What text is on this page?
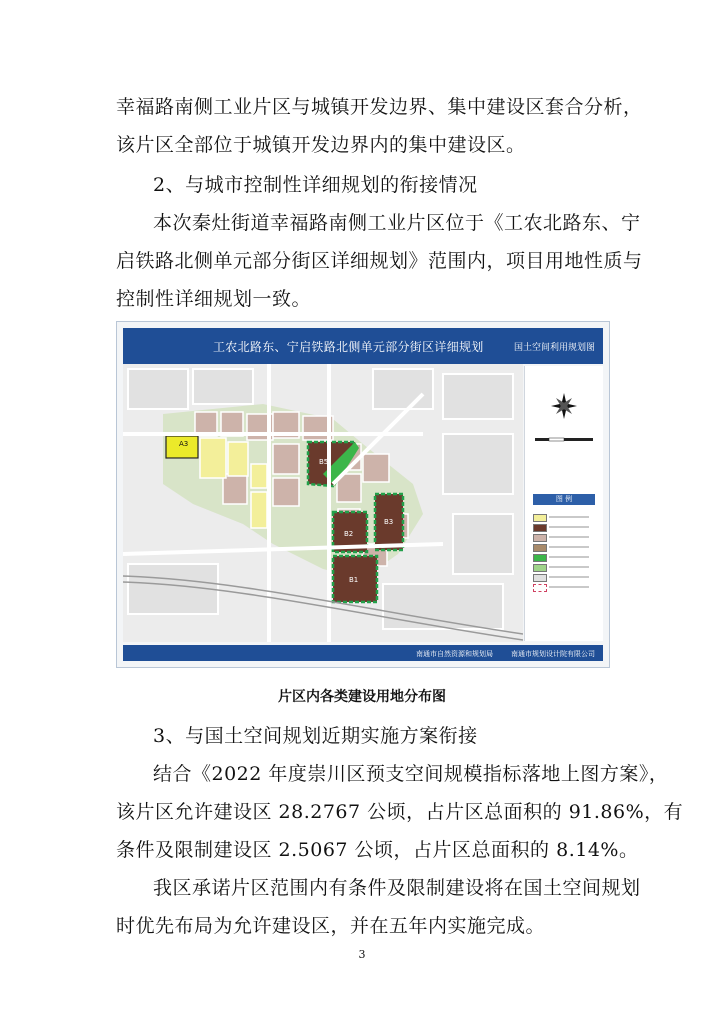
幸福路南侧工业片区与城镇开发边界、集中建设区套合分析，
该片区全部位于城镇开发边界内的集中建设区。
2、与城市控制性详细规划的衔接情况
本次秦灶街道幸福路南侧工业片区位于《工农北路东、宁
启铁路北侧单元部分街区详细规划》范围内，项目用地性质与
控制性详细规划一致。
工农北路东、宁启铁路北侧单元部分街区详细规划	国土空间利用规划图
A3
B5
B2
B3
B1
图 例
南通市自然资源和规划局	南通市规划设计院有限公司
片区内各类建设用地分布图
3、与国土空间规划近期实施方案衔接
结合《2022 年度崇川区预支空间规模指标落地上图方案》，
该片区允许建设区 28.2767 公顷，占片区总面积的 91.86%，有
条件及限制建设区 2.5067 公顷，占片区总面积的 8.14%。
我区承诺片区范围内有条件及限制建设将在国土空间规划
时优先布局为允许建设区，并在五年内实施完成。
3
